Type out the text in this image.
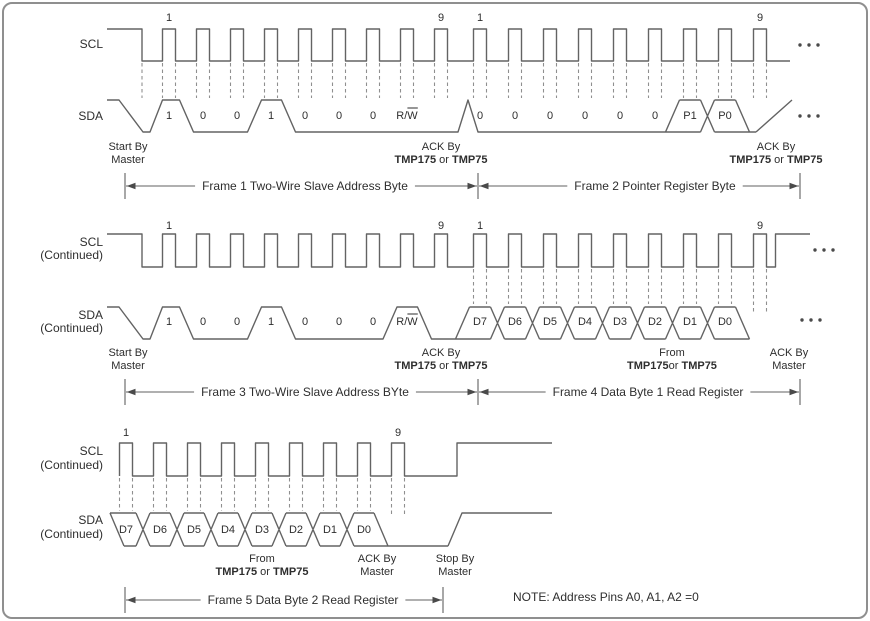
NOTE: Address Pins A0, A1, A2 =0
SCL
SDA
1	9	1	9
1	0	0	1	0	0	0 R/W	0	0	0	0	0	0 P1 P0
Start By
Master
ACK By
TMP175 or TMP75
ACK By
TMP175 or TMP75
Frame 1 Two-Wire Slave Address Byte	Frame 2 Pointer Register Byte
SCL
(Continued)
SDA
(Continued)
1	9	1	9
1	0	0	1	0	0	0 R/W	D7 D6 D5 D4 D3 D2 D1 D0
Start By
Master
ACK By
TMP175 or TMP75
From
TMP175or TMP75
ACK By
Master
Frame 3 Two-Wire Slave Address BYte	Frame 4 Data Byte 1 Read Register
SCL
(Continued)
SDA
(Continued)
1	9
D7 D6 D5 D4 D3 D2 D1 D0
From
TMP175 or TMP75
ACK By
Master
Stop By
Master
Frame 5 Data Byte 2 Read Register
